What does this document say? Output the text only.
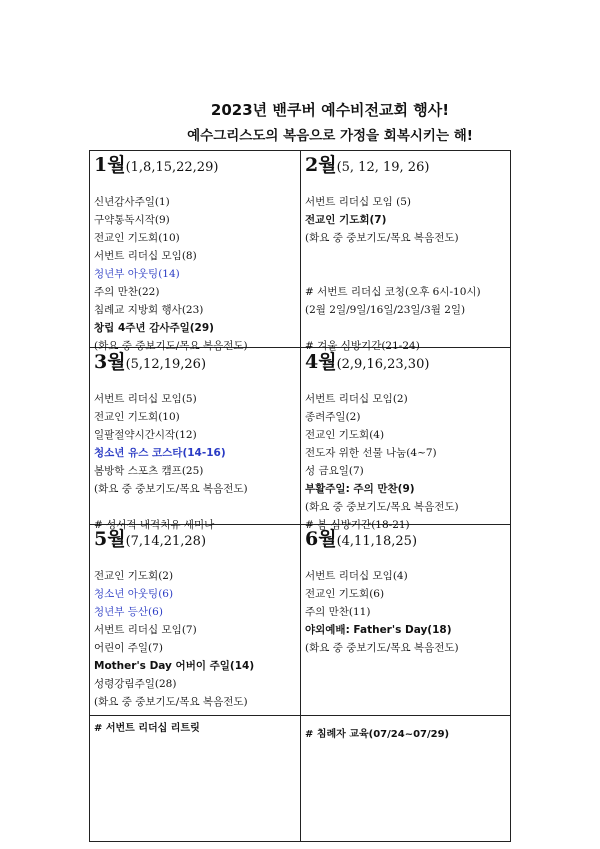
2023년 밴쿠버 예수비전교회 행사!
예수그리스도의 복음으로 가정을 회복시키는 해!
1월(1,8,15,22,29)
신년감사주일(1)
구약통독시작(9)
전교인 기도회(10)
서번트 리더십 모임(8)
청년부 아웃팅(14)
주의 만찬(22)
침례교 지방회 행사(23)
창립 4주년 감사주일(29)
(화요 중 중보기도/목요 복음전도)
2월(5, 12, 19, 26)
서번트 리더십 모임 (5)
전교인 기도회(7)
(화요 중 중보기도/목요 복음전도)
# 서번트 리더십 코칭(오후 6시-10시)
(2월 2일/9일/16일/23일/3월 2일)
# 겨울 심방기간(21-24)
3월(5,12,19,26)
서번트 리더십 모임(5)
전교인 기도회(10)
일팔절약시간시작(12)
청소년 유스 코스타(14-16)
봄방학 스포츠 캠프(25)
(화요 중 중보기도/목요 복음전도)
# 성서적 내적치유 세미나
4월(2,9,16,23,30)
서번트 리더십 모임(2)
종려주일(2)
전교인 기도회(4)
전도자 위한 선물 나눔(4~7)
성 금요일(7)
부활주일: 주의 만찬(9)
(화요 중 중보기도/목요 복음전도)
# 봄 심방기간(18-21)
5월(7,14,21,28)
전교인 기도회(2)
청소년 아웃팅(6)
청년부 등산(6)
서번트 리더십 모임(7)
어린이 주일(7)
Mother's Day 어버이 주일(14)
성령강림주일(28)
(화요 중 중보기도/목요 복음전도)
6월(4,11,18,25)
서번트 리더십 모임(4)
전교인 기도회(6)
주의 만찬(11)
야외예배: Father's Day(18)
(화요 중 중보기도/목요 복음전도)
# 서번트 리더십 리트릿
# 침례자 교육(07/24~07/29)
